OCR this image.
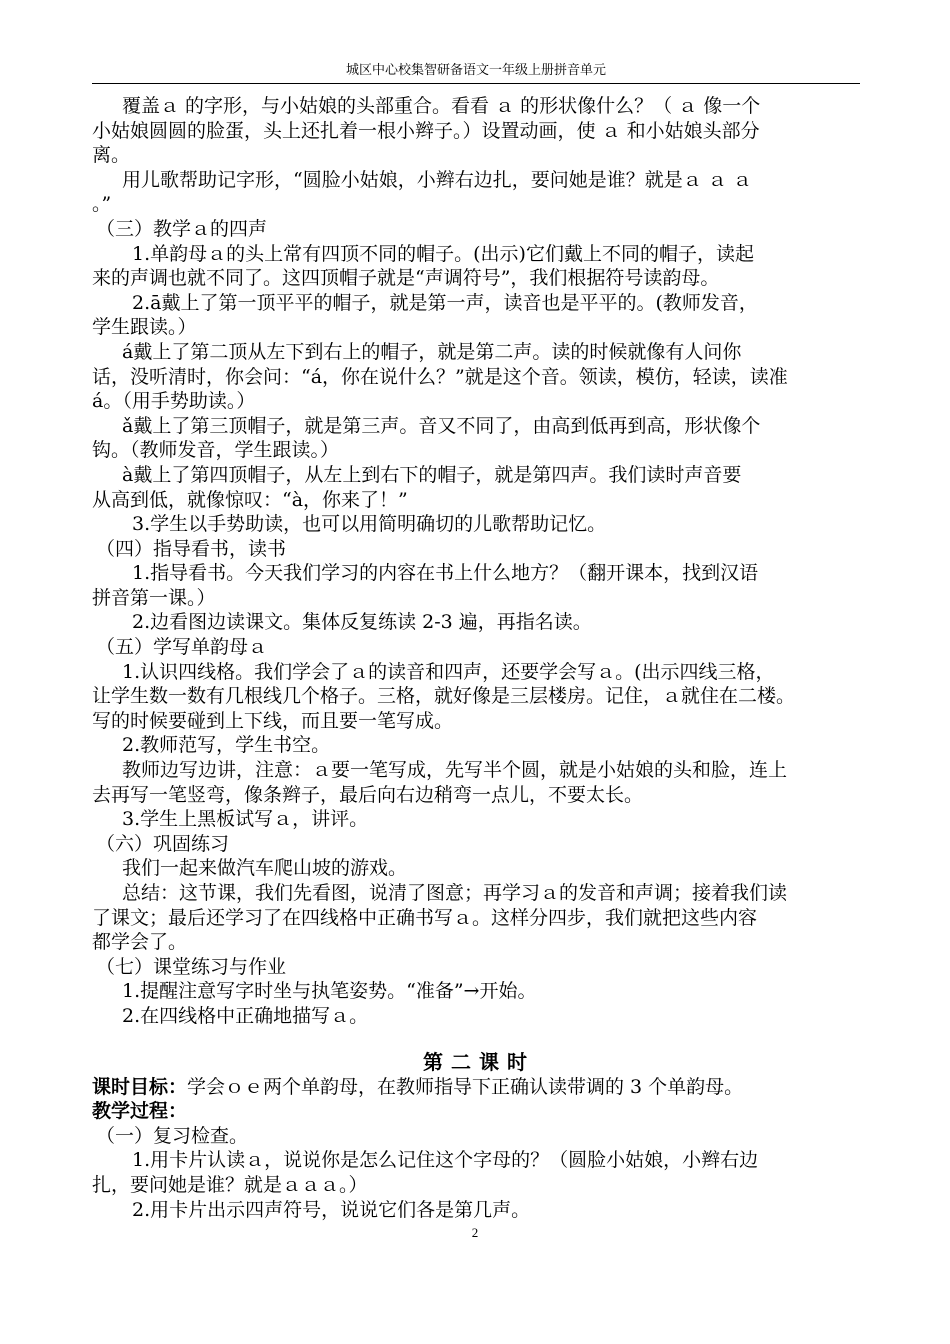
城区中心校集智研备语文一年级上册拼音单元
覆盖ａ 的字形，与小姑娘的头部重合。看看 ａ 的形状像什么？（ ａ 像一个
小姑娘圆圆的脸蛋，头上还扎着一根小辫子。）设置动画，使 ａ 和小姑娘头部分
离。
用儿歌帮助记字形，“圆脸小姑娘，小辫右边扎，要问她是谁？就是ａ ａ ａ
。”
（三）教学ａ的四声
1.单韵母ａ的头上常有四顶不同的帽子。(出示)它们戴上不同的帽子，读起
来的声调也就不同了。这四顶帽子就是“声调符号”，我们根据符号读韵母。
2.ā戴上了第一顶平平的帽子，就是第一声，读音也是平平的。(教师发音，
学生跟读。）
á戴上了第二顶从左下到右上的帽子，就是第二声。读的时候就像有人问你
话，没听清时，你会问：“á，你在说什么？”就是这个音。领读，模仿，轻读，读准
á。（用手势助读。）
ǎ戴上了第三顶帽子，就是第三声。音又不同了，由高到低再到高，形状像个
钩。（教师发音，学生跟读。）
à戴上了第四顶帽子，从左上到右下的帽子，就是第四声。我们读时声音要
从高到低，就像惊叹：“à，你来了！”
3.学生以手势助读，也可以用简明确切的儿歌帮助记忆。
（四）指导看书，读书
1.指导看书。今天我们学习的内容在书上什么地方？（翻开课本，找到汉语
拼音第一课。）
2.边看图边读课文。集体反复练读 2-3 遍，再指名读。
（五）学写单韵母ａ
1.认识四线格。我们学会了ａ的读音和四声，还要学会写ａ。(出示四线三格，
让学生数一数有几根线几个格子。三格，就好像是三层楼房。记住，ａ就住在二楼。
写的时候要碰到上下线，而且要一笔写成。
2.教师范写，学生书空。
教师边写边讲，注意：ａ要一笔写成，先写半个圆，就是小姑娘的头和脸，连上
去再写一笔竖弯，像条辫子，最后向右边稍弯一点儿，不要太长。
3.学生上黑板试写ａ，讲评。
（六）巩固练习
我们一起来做汽车爬山坡的游戏。
总结：这节课，我们先看图，说清了图意；再学习ａ的发音和声调；接着我们读
了课文；最后还学习了在四线格中正确书写ａ。这样分四步，我们就把这些内容
都学会了。
（七）课堂练习与作业
1.提醒注意写字时坐与执笔姿势。“准备”→开始。
2.在四线格中正确地描写ａ。
第二课时
课时目标：学会ｏｅ两个单韵母，在教师指导下正确认读带调的 3 个单韵母。
教学过程：
（一）复习检查。
1.用卡片认读ａ，说说你是怎么记住这个字母的？（圆脸小姑娘，小辫右边
扎，要问她是谁？就是ａａａ。）
2.用卡片出示四声符号，说说它们各是第几声。
2
